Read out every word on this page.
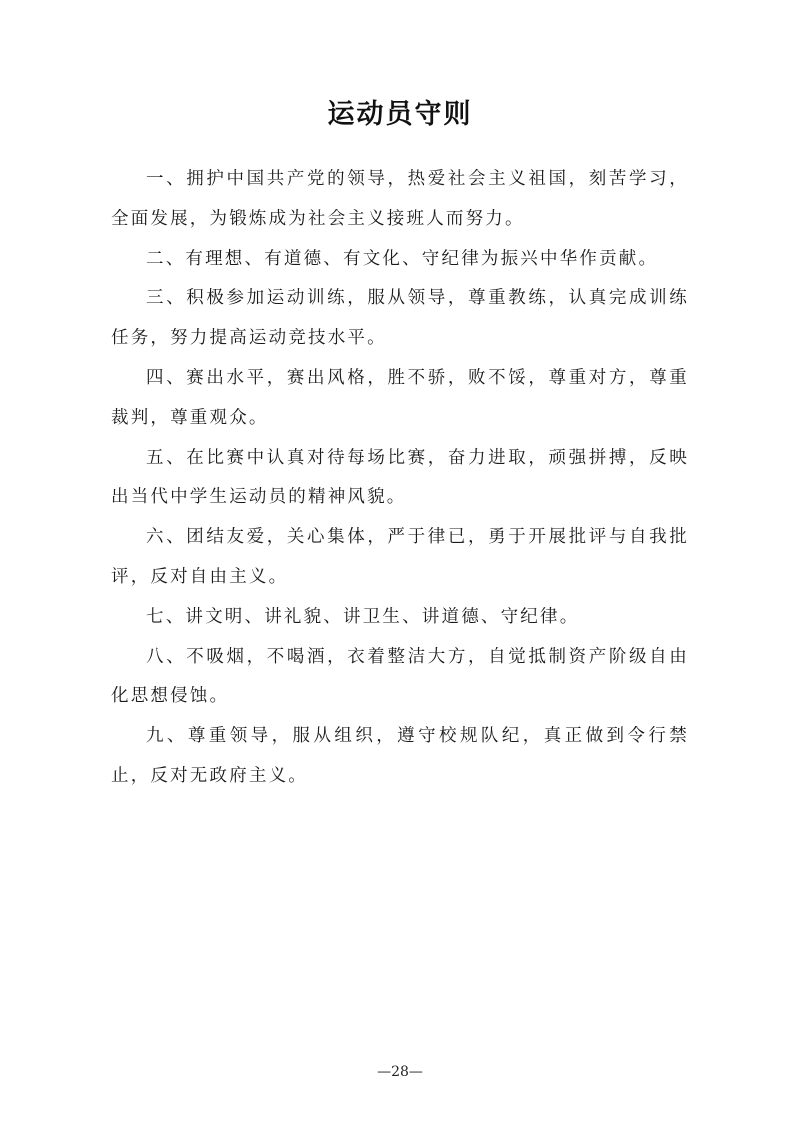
运动员守则

一、拥护中国共产党的领导，热爱社会主义祖国，刻苦学习，全面发展，为锻炼成为社会主义接班人而努力。

二、有理想、有道德、有文化、守纪律为振兴中华作贡献。

三、积极参加运动训练，服从领导，尊重教练，认真完成训练任务，努力提高运动竞技水平。

四、赛出水平，赛出风格，胜不骄，败不馁，尊重对方，尊重裁判，尊重观众。

五、在比赛中认真对待每场比赛，奋力进取，顽强拼搏，反映出当代中学生运动员的精神风貌。

六、团结友爱，关心集体，严于律已，勇于开展批评与自我批评，反对自由主义。

七、讲文明、讲礼貌、讲卫生、讲道德、守纪律。

八、不吸烟，不喝酒，衣着整洁大方，自觉抵制资产阶级自由化思想侵蚀。

九、尊重领导，服从组织，遵守校规队纪，真正做到令行禁止，反对无政府主义。

—28—
